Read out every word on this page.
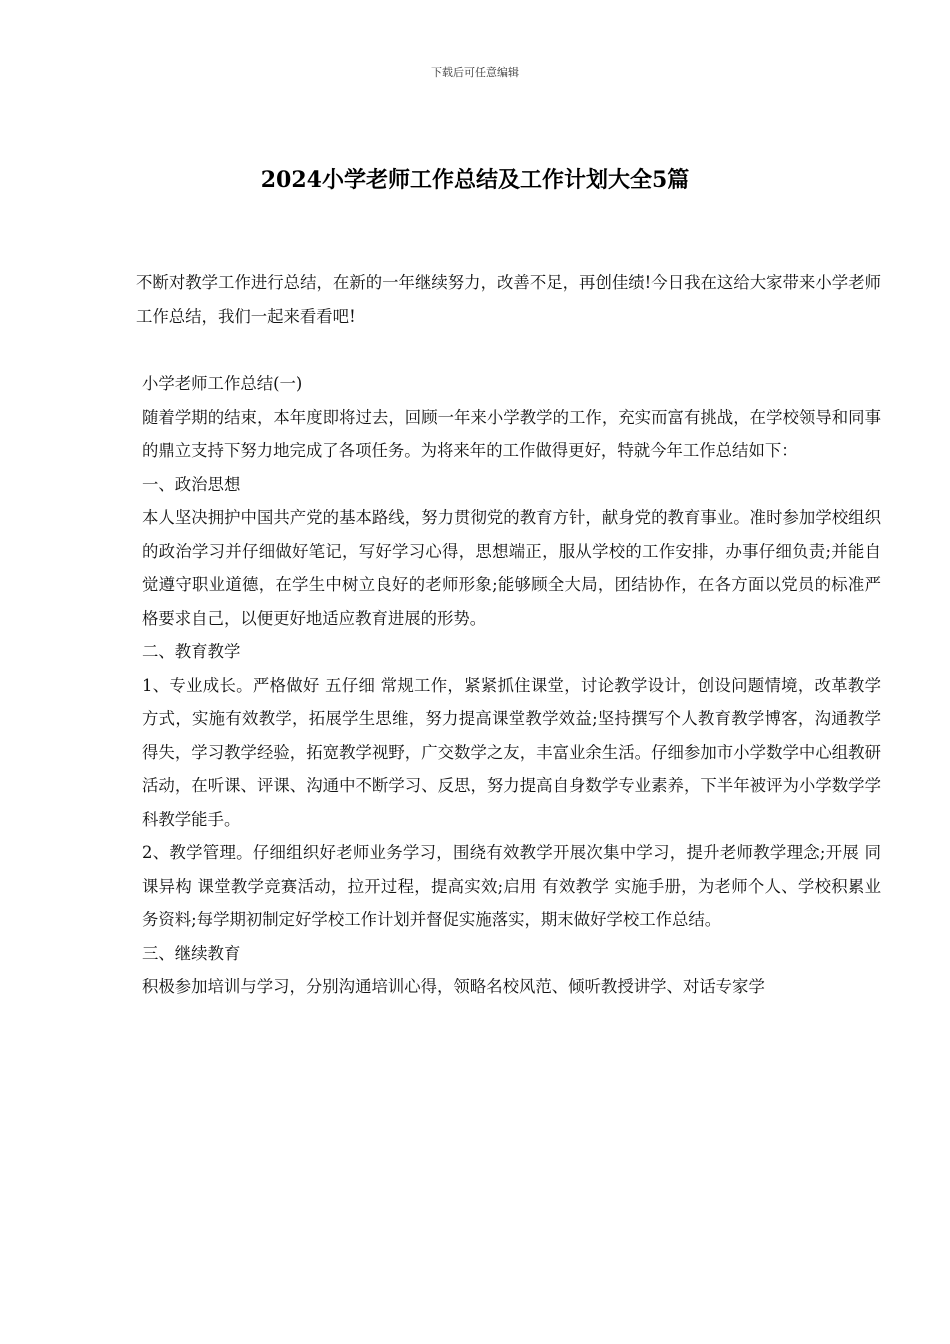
下载后可任意编辑
2024小学老师工作总结及工作计划大全5篇

不断对教学工作进行总结，在新的一年继续努力，改善不足，再创佳绩!今日我在这给大家带来小学老师工作总结，我们一起来看看吧!

小学老师工作总结(一)

随着学期的结束，本年度即将过去，回顾一年来小学教学的工作，充实而富有挑战，在学校领导和同事的鼎立支持下努力地完成了各项任务。为将来年的工作做得更好，特就今年工作总结如下：

一、政治思想

本人坚决拥护中国共产党的基本路线，努力贯彻党的教育方针，献身党的教育事业。准时参加学校组织的政治学习并仔细做好笔记，写好学习心得，思想端正，服从学校的工作安排，办事仔细负责;并能自觉遵守职业道德，在学生中树立良好的老师形象;能够顾全大局，团结协作，在各方面以党员的标准严格要求自己，以便更好地适应教育进展的形势。

二、教育教学

1、专业成长。严格做好 五仔细 常规工作，紧紧抓住课堂，讨论教学设计，创设问题情境，改革教学方式，实施有效教学，拓展学生思维，努力提高课堂教学效益;坚持撰写个人教育教学博客，沟通教学得失，学习教学经验，拓宽教学视野，广交数学之友，丰富业余生活。仔细参加市小学数学中心组教研活动，在听课、评课、沟通中不断学习、反思，努力提高自身数学专业素养，下半年被评为小学数学学科教学能手。

2、教学管理。仔细组织好老师业务学习，围绕有效教学开展次集中学习，提升老师教学理念;开展 同课异构 课堂教学竞赛活动，拉开过程，提高实效;启用 有效教学 实施手册，为老师个人、学校积累业务资料;每学期初制定好学校工作计划并督促实施落实，期末做好学校工作总结。

三、继续教育

积极参加培训与学习，分别沟通培训心得，领略名校风范、倾听教授讲学、对话专家学
